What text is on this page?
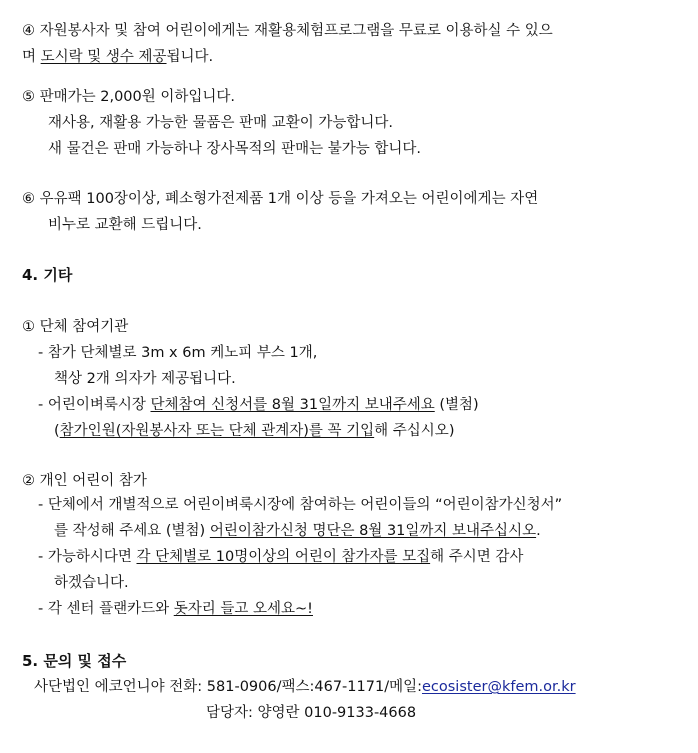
④ 자원봉사자 및 참여 어린이에게는 재활용체험프로그램을 무료로 이용하실 수 있으
며 도시락 및 생수 제공됩니다.
⑤ 판매가는 2,000원 이하입니다.
재사용, 재활용 가능한 물품은 판매 교환이 가능합니다.
새 물건은 판매 가능하나 장사목적의 판매는 불가능 합니다.
⑥ 우유팩 100장이상, 폐소형가전제품 1개 이상 등을 가져오는 어린이에게는 자연
비누로 교환해 드립니다.
4. 기타
① 단체 참여기관
- 참가 단체별로 3m x 6m 케노피 부스 1개,
책상 2개 의자가 제공됩니다.
- 어린이벼룩시장 단체참여 신청서를 8월 31일까지 보내주세요 (별첨)
(참가인원(자원봉사자 또는 단체 관계자)를 꼭 기입해 주십시오)
② 개인 어린이 참가
- 단체에서 개별적으로 어린이벼룩시장에 참여하는 어린이들의 “어린이참가신청서”
를 작성해 주세요 (별첨) 어린이참가신청 명단은 8월 31일까지 보내주십시오.
- 가능하시다면 각 단체별로 10명이상의 어린이 참가자를 모집해 주시면 감사
하겠습니다.
- 각 센터 플랜카드와 돗자리 들고 오세요~!
5. 문의 및 접수
사단법인 에코언니야 전화: 581-0906/팩스:467-1171/메일:ecosister@kfem.or.kr
담당자: 양영란 010-9133-4668
